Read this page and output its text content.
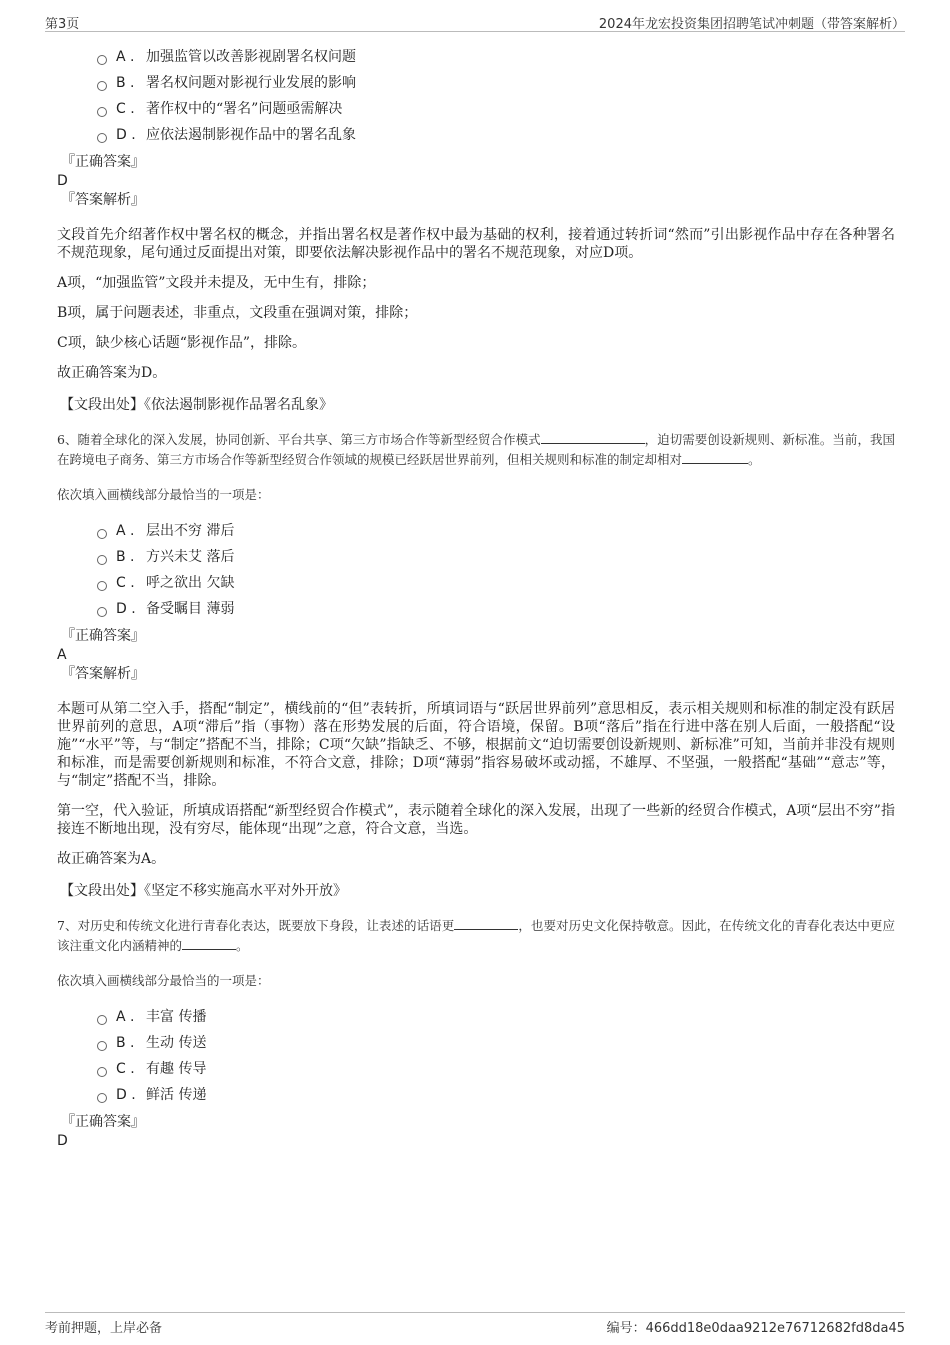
第3页	2024年龙宏投资集团招聘笔试冲刺题（带答案解析）
A . 加强监管以改善影视剧署名权问题
B . 署名权问题对影视行业发展的影响
C . 著作权中的“署名”问题亟需解决
D . 应依法遏制影视作品中的署名乱象
『正确答案』
D
『答案解析』
文段首先介绍著作权中署名权的概念，并指出署名权是著作权中最为基础的权利，接着通过转折词“然而”引出影视作品中存在各种署名不规范现象，尾句通过反面提出对策，即要依法解决影视作品中的署名不规范现象，对应D项。
A项，“加强监管”文段并未提及，无中生有，排除；
B项，属于问题表述，非重点，文段重在强调对策，排除；
C项，缺少核心话题“影视作品”，排除。
故正确答案为D。
【文段出处】《依法遏制影视作品署名乱象》
6、随着全球化的深入发展，协同创新、平台共享、第三方市场合作等新型经贸合作模式	，迫切需要创设新规则、新标准。当前，我国在跨境电子商务、第三方市场合作等新型经贸合作领域的规模已经跃居世界前列，但相关规则和标准的制定却相对	。
依次填入画横线部分最恰当的一项是：
A . 层出不穷 滞后
B . 方兴未艾 落后
C . 呼之欲出 欠缺
D . 备受瞩目 薄弱
『正确答案』
A
『答案解析』
本题可从第二空入手，搭配“制定”，横线前的“但”表转折，所填词语与“跃居世界前列”意思相反，表示相关规则和标准的制定没有跃居世界前列的意思，A项“滞后”指（事物）落在形势发展的后面，符合语境，保留。B项“落后”指在行进中落在别人后面，一般搭配“设施”“水平”等，与“制定”搭配不当，排除；C项“欠缺”指缺乏、不够，根据前文“迫切需要创设新规则、新标准”可知，当前并非没有规则和标准，而是需要创新规则和标准，不符合文意，排除；D项“薄弱”指容易破坏或动摇，不雄厚、不坚强，一般搭配“基础”“意志”等，与“制定”搭配不当，排除。
第一空，代入验证，所填成语搭配“新型经贸合作模式”，表示随着全球化的深入发展，出现了一些新的经贸合作模式，A项“层出不穷”指接连不断地出现，没有穷尽，能体现“出现”之意，符合文意，当选。
故正确答案为A。
【文段出处】《坚定不移实施高水平对外开放》
7、对历史和传统文化进行青春化表达，既要放下身段，让表述的话语更	，也要对历史文化保持敬意。因此，在传统文化的青春化表达中更应该注重文化内涵精神的	。
依次填入画横线部分最恰当的一项是：
A . 丰富 传播
B . 生动 传送
C . 有趣 传导
D . 鲜活 传递
『正确答案』
D
考前押题，上岸必备	编号：466dd18e0daa9212e76712682fd8da45
